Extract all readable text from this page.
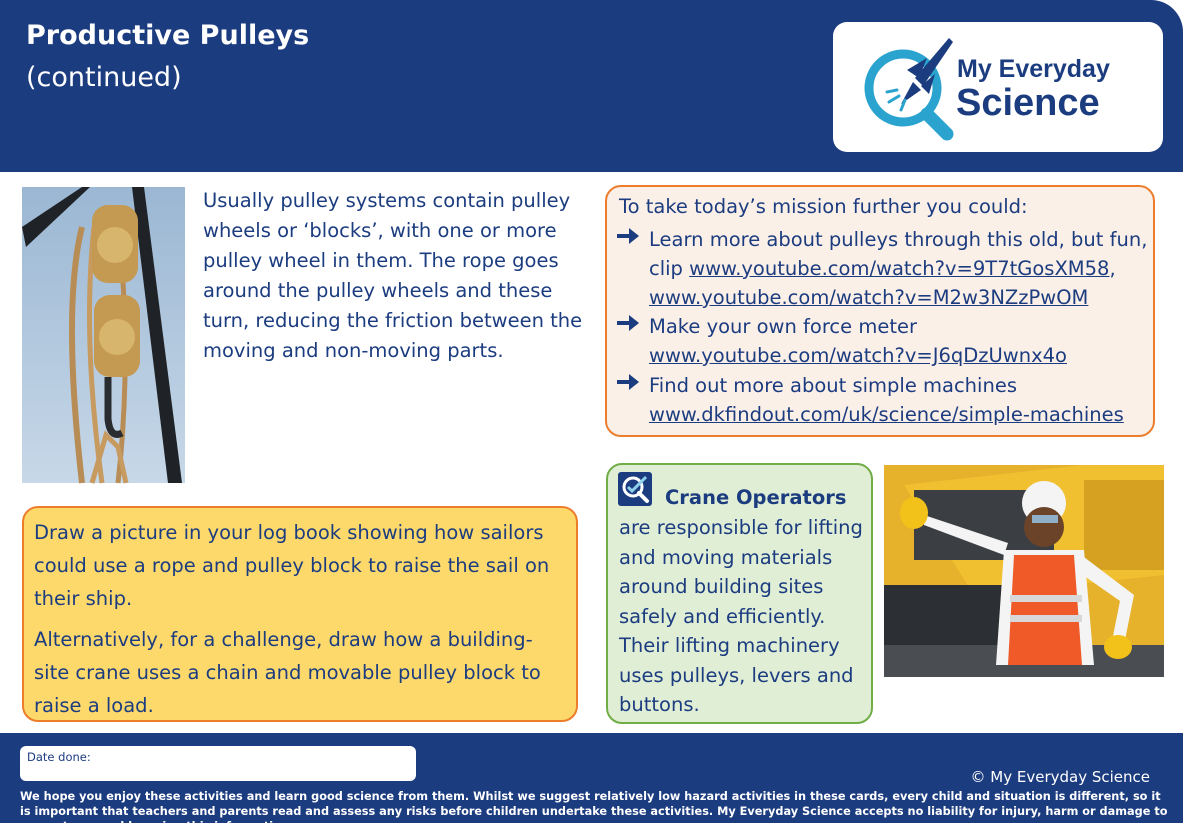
Productive Pulleys
(continued)	My Everyday
Science
Usually pulley systems contain pulley wheels or ‘blocks’, with one or more pulley wheel in them. The rope goes around the pulley wheels and these turn, reducing the friction between the moving and non-moving parts.
To take today’s mission further you could:
Learn more about pulleys through this old, but fun,
clip www.youtube.com/watch?v=9T7tGosXM58,
www.youtube.com/watch?v=M2w3NZzPwOM
Make your own force meter
www.youtube.com/watch?v=J6qDzUwnx4o
Find out more about simple machines
www.dkfindout.com/uk/science/simple-machines
Draw a picture in your log book showing how sailors could use a rope and pulley block to raise the sail on their ship.
Alternatively, for a challenge, draw how a building-site crane uses a chain and movable pulley block to raise a load.
Crane Operators
are responsible for lifting and moving materials around building sites safely and efficiently. Their lifting machinery uses pulleys, levers and buttons.
Date done:
© My Everyday Science
We hope you enjoy these activities and learn good science from them. Whilst we suggest relatively low hazard activities in these cards, every child and situation is different, so it is important that teachers and parents read and assess any risks before children undertake these activities. My Everyday Science accepts no liability for injury, harm or damage to property caused by using this information.
